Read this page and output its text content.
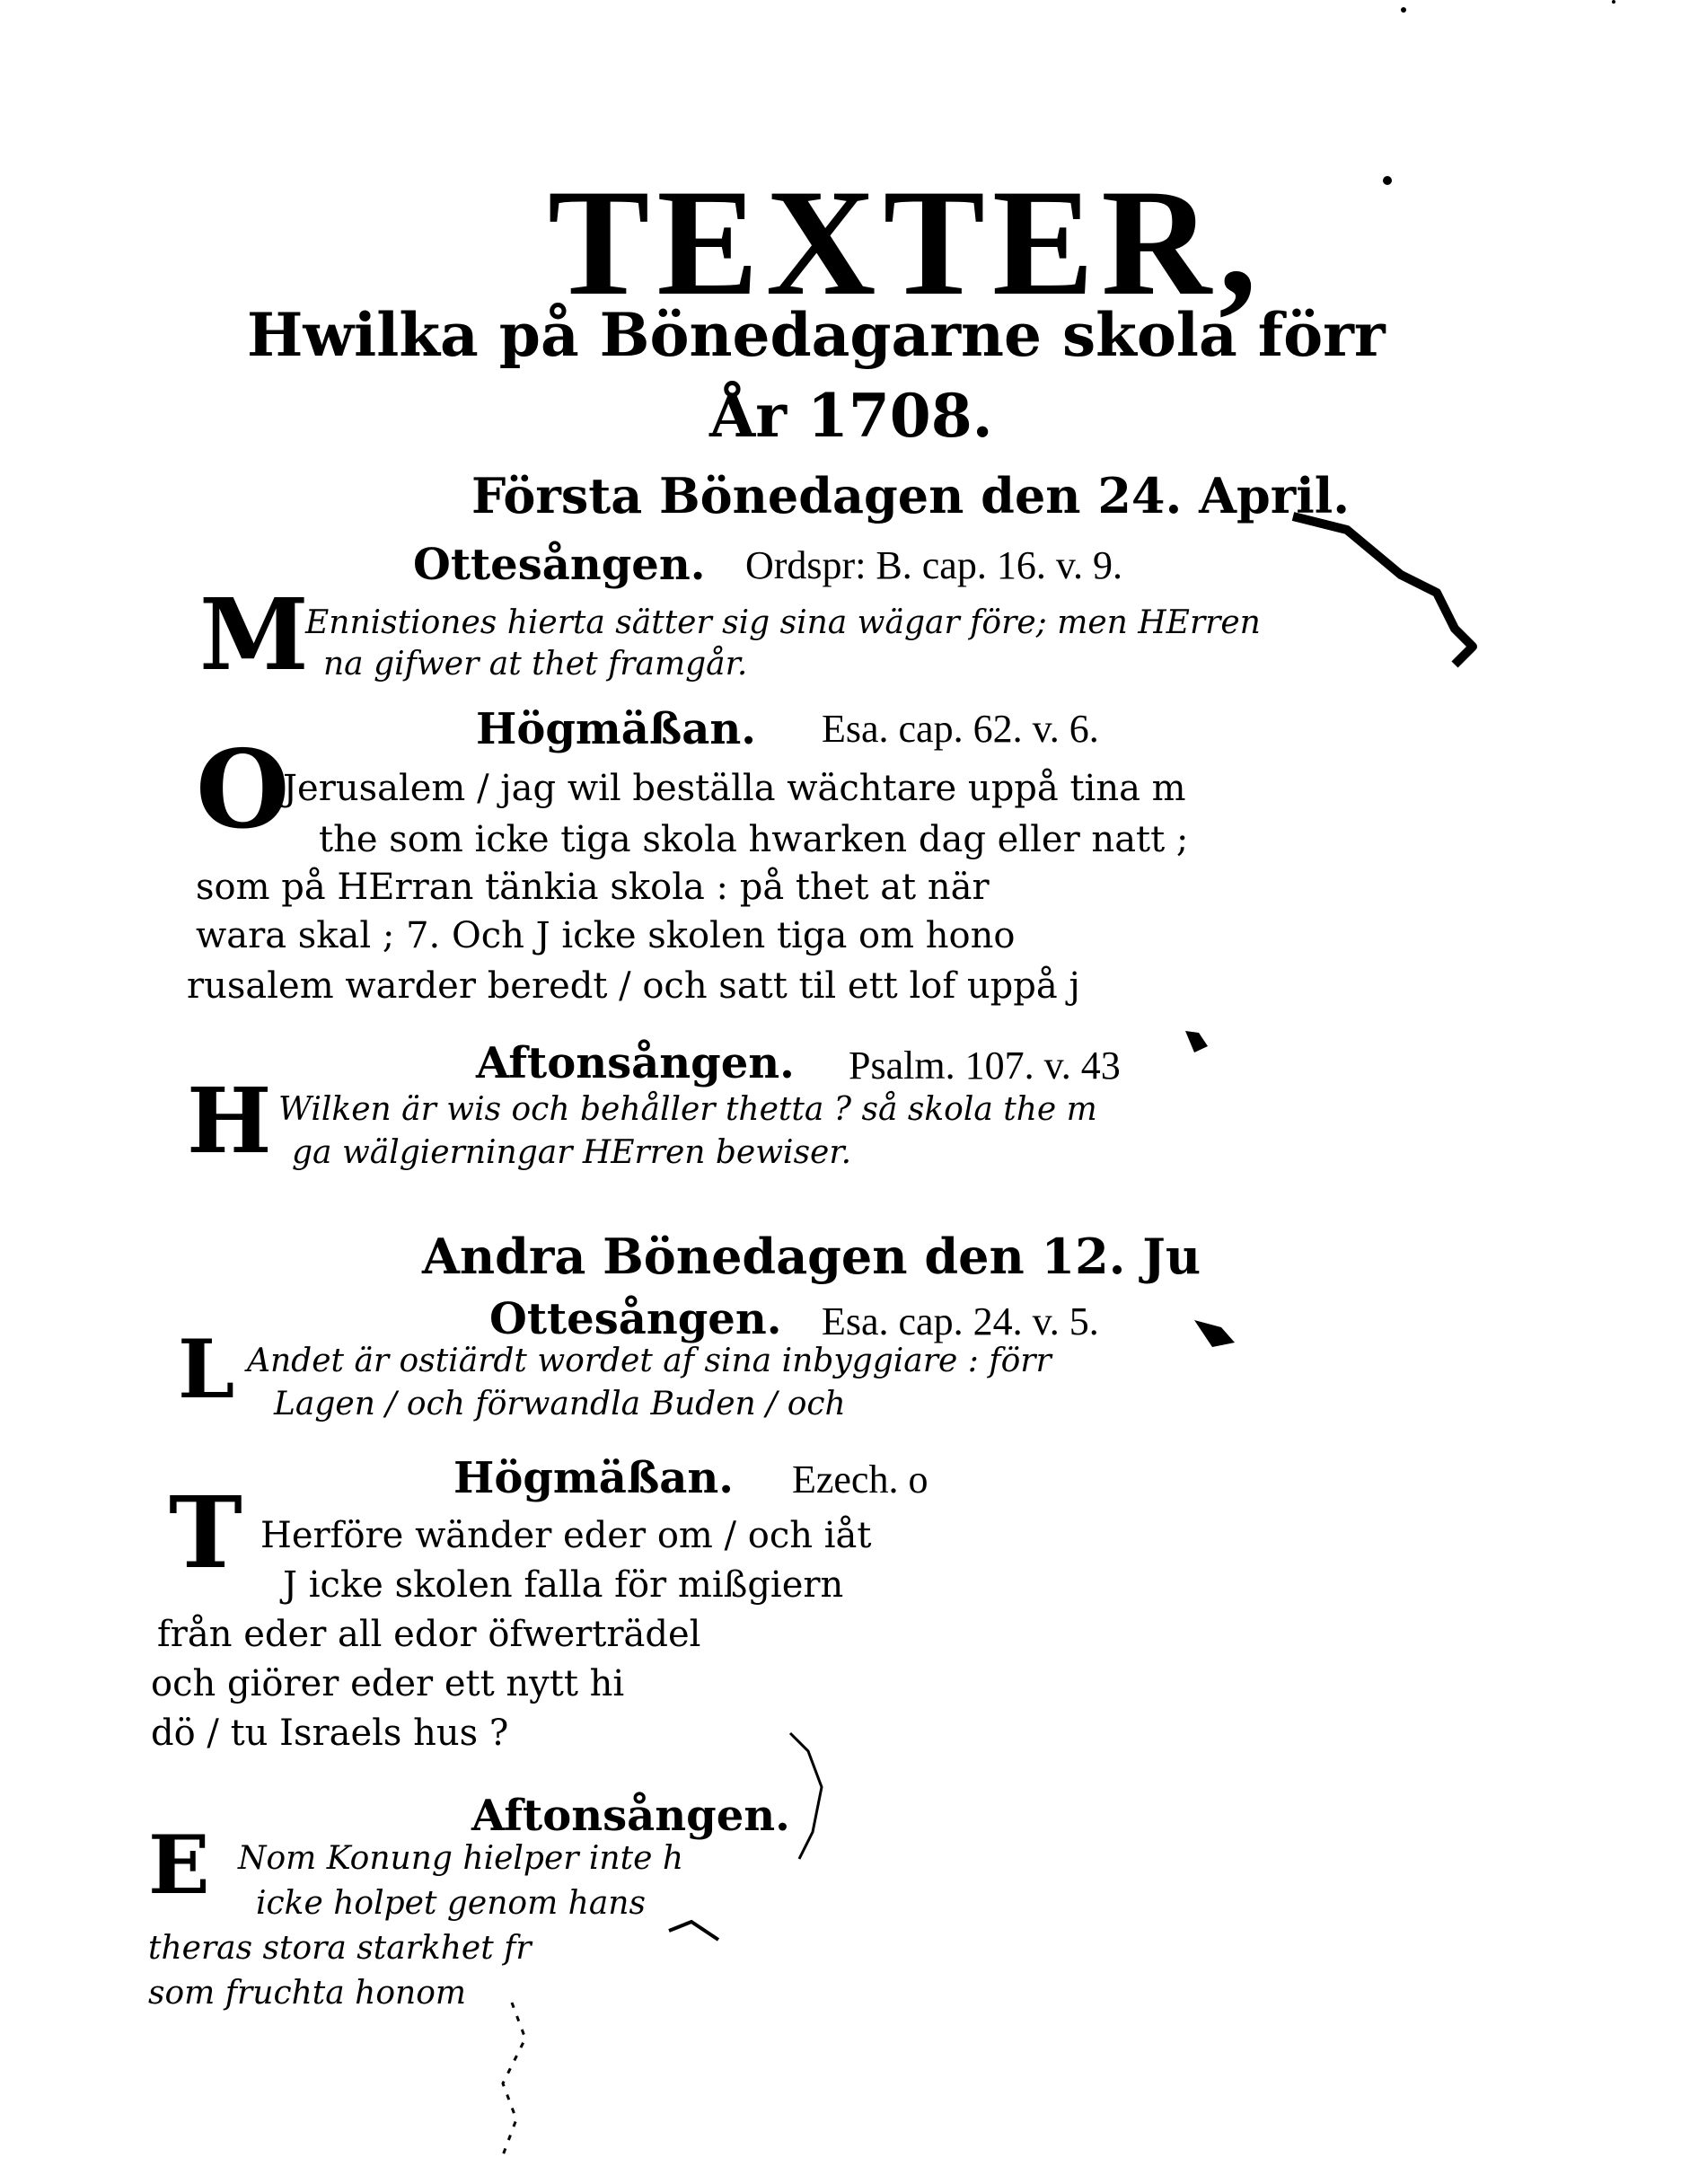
TEXTER,
Hwilka på Bönedagarne skola förr
År 1708.
Första Bönedagen den 24. April.
Ottesången. Ordspr: B. cap. 16. v. 9.
M
Ennistiones hierta sätter sig sina wägar före; men HErren
na gifwer at thet framgår.
Högmäßan. Esa. cap. 62. v. 6.
O
Jerusalem / jag wil beställa wächtare uppå tina m
the som icke tiga skola hwarken dag eller natt ;
som på HErran tänkia skola : på thet at när
wara skal ; 7. Och J icke skolen tiga om hono
rusalem warder beredt / och satt til ett lof uppå j
Aftonsången. Psalm. 107. v. 43
H Wilken är wis och behåller thetta ? så skola the m
ga wälgierningar HErren bewiser.
Andra Bönedagen den 12. Ju
Ottesången. Esa. cap. 24. v. 5.
L Andet är ostiärdt wordet af sina inbyggiare : förr
Lagen / och förwandla Buden / och
Högmäßan. Ezech. o
T Herföre wänder eder om / och iåt
J icke skolen falla för mißgiern
från eder all edor öfwerträdel
och giörer eder ett nytt hi
dö / tu Israels hus ?
Aftonsången.
E Nom Konung hielper inte h
icke holpet genom hans
theras stora starkhet fr
som fruchta honom
